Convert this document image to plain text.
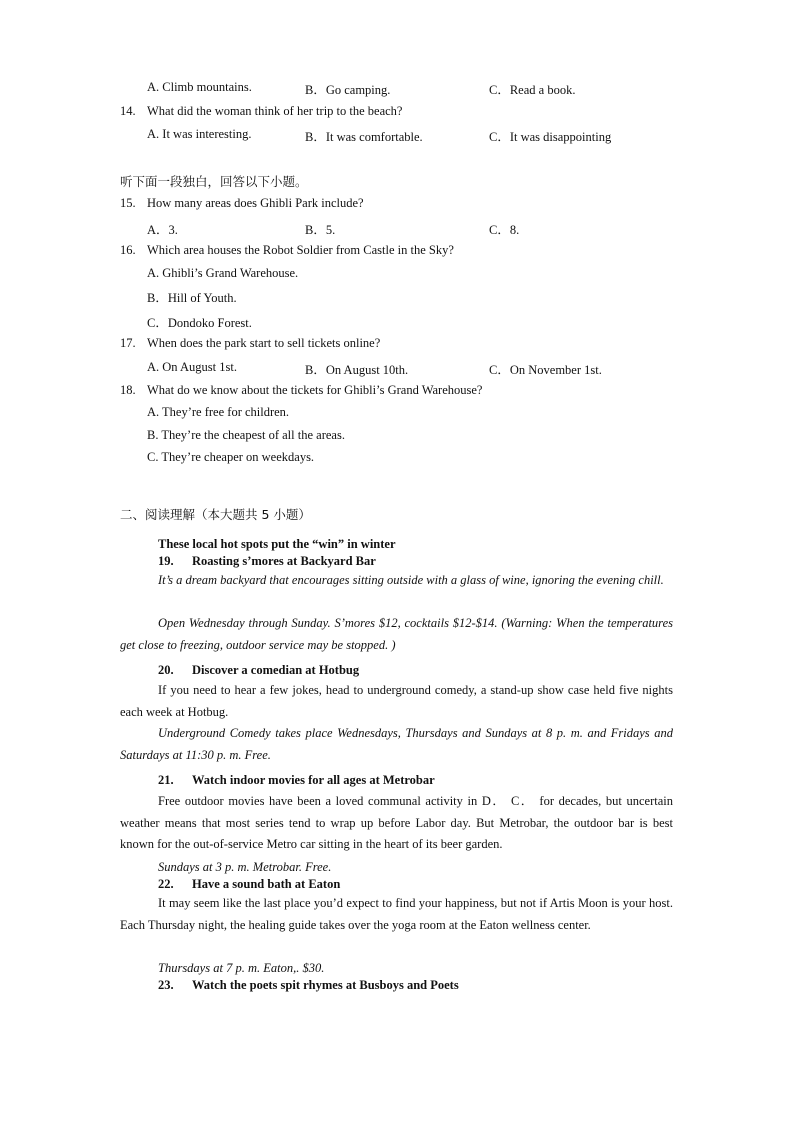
A. Climb mountains.	B．Go camping.	C．Read a book.
14. What did the woman think of her trip to the beach?
A. It was interesting.	B．It was comfortable.	C．It was disappointing
听下面一段独白，回答以下小题。
15. How many areas does Ghibli Park include?
A．3.	B．5.	C．8.
16. Which area houses the Robot Soldier from Castle in the Sky?
A. Ghibli’s Grand Warehouse.
B．Hill of Youth.
C．Dondoko Forest.
17. When does the park start to sell tickets online?
A. On August 1st.	B．On August 10th.	C．On November 1st.
18. What do we know about the tickets for Ghibli’s Grand Warehouse?
A. They’re free for children.
B. They’re the cheapest of all the areas.
C. They’re cheaper on weekdays.
二、阅读理解（本大题共 5 小题）
These local hot spots put the “win” in winter
19. Roasting s’mores at Backyard Bar
It’s a dream backyard that encourages sitting outside with a glass of wine, ignoring the evening chill.
Open Wednesday through Sunday. S’mores $12, cocktails $12-$14. (Warning: When the temperatures get close to freezing, outdoor service may be stopped. )
20. Discover a comedian at Hotbug
If you need to hear a few jokes, head to underground comedy, a stand-up show case held five nights each week at Hotbug.
Underground Comedy takes place Wednesdays, Thursdays and Sundays at 8 p. m. and Fridays and Saturdays at 11:30 p. m. Free.
21. Watch indoor movies for all ages at Metrobar
Free outdoor movies have been a loved communal activity in D． C． for decades, but uncertain weather means that most series tend to wrap up before Labor day. But Metrobar, the outdoor bar is best known for the out-of-service Metro car sitting in the heart of its beer garden.
Sundays at 3 p. m. Metrobar. Free.
22. Have a sound bath at Eaton
It may seem like the last place you’d expect to find your happiness, but not if Artis Moon is your host. Each Thursday night, the healing guide takes over the yoga room at the Eaton wellness center.
Thursdays at 7 p. m. Eaton,. $30.
23. Watch the poets spit rhymes at Busboys and Poets
